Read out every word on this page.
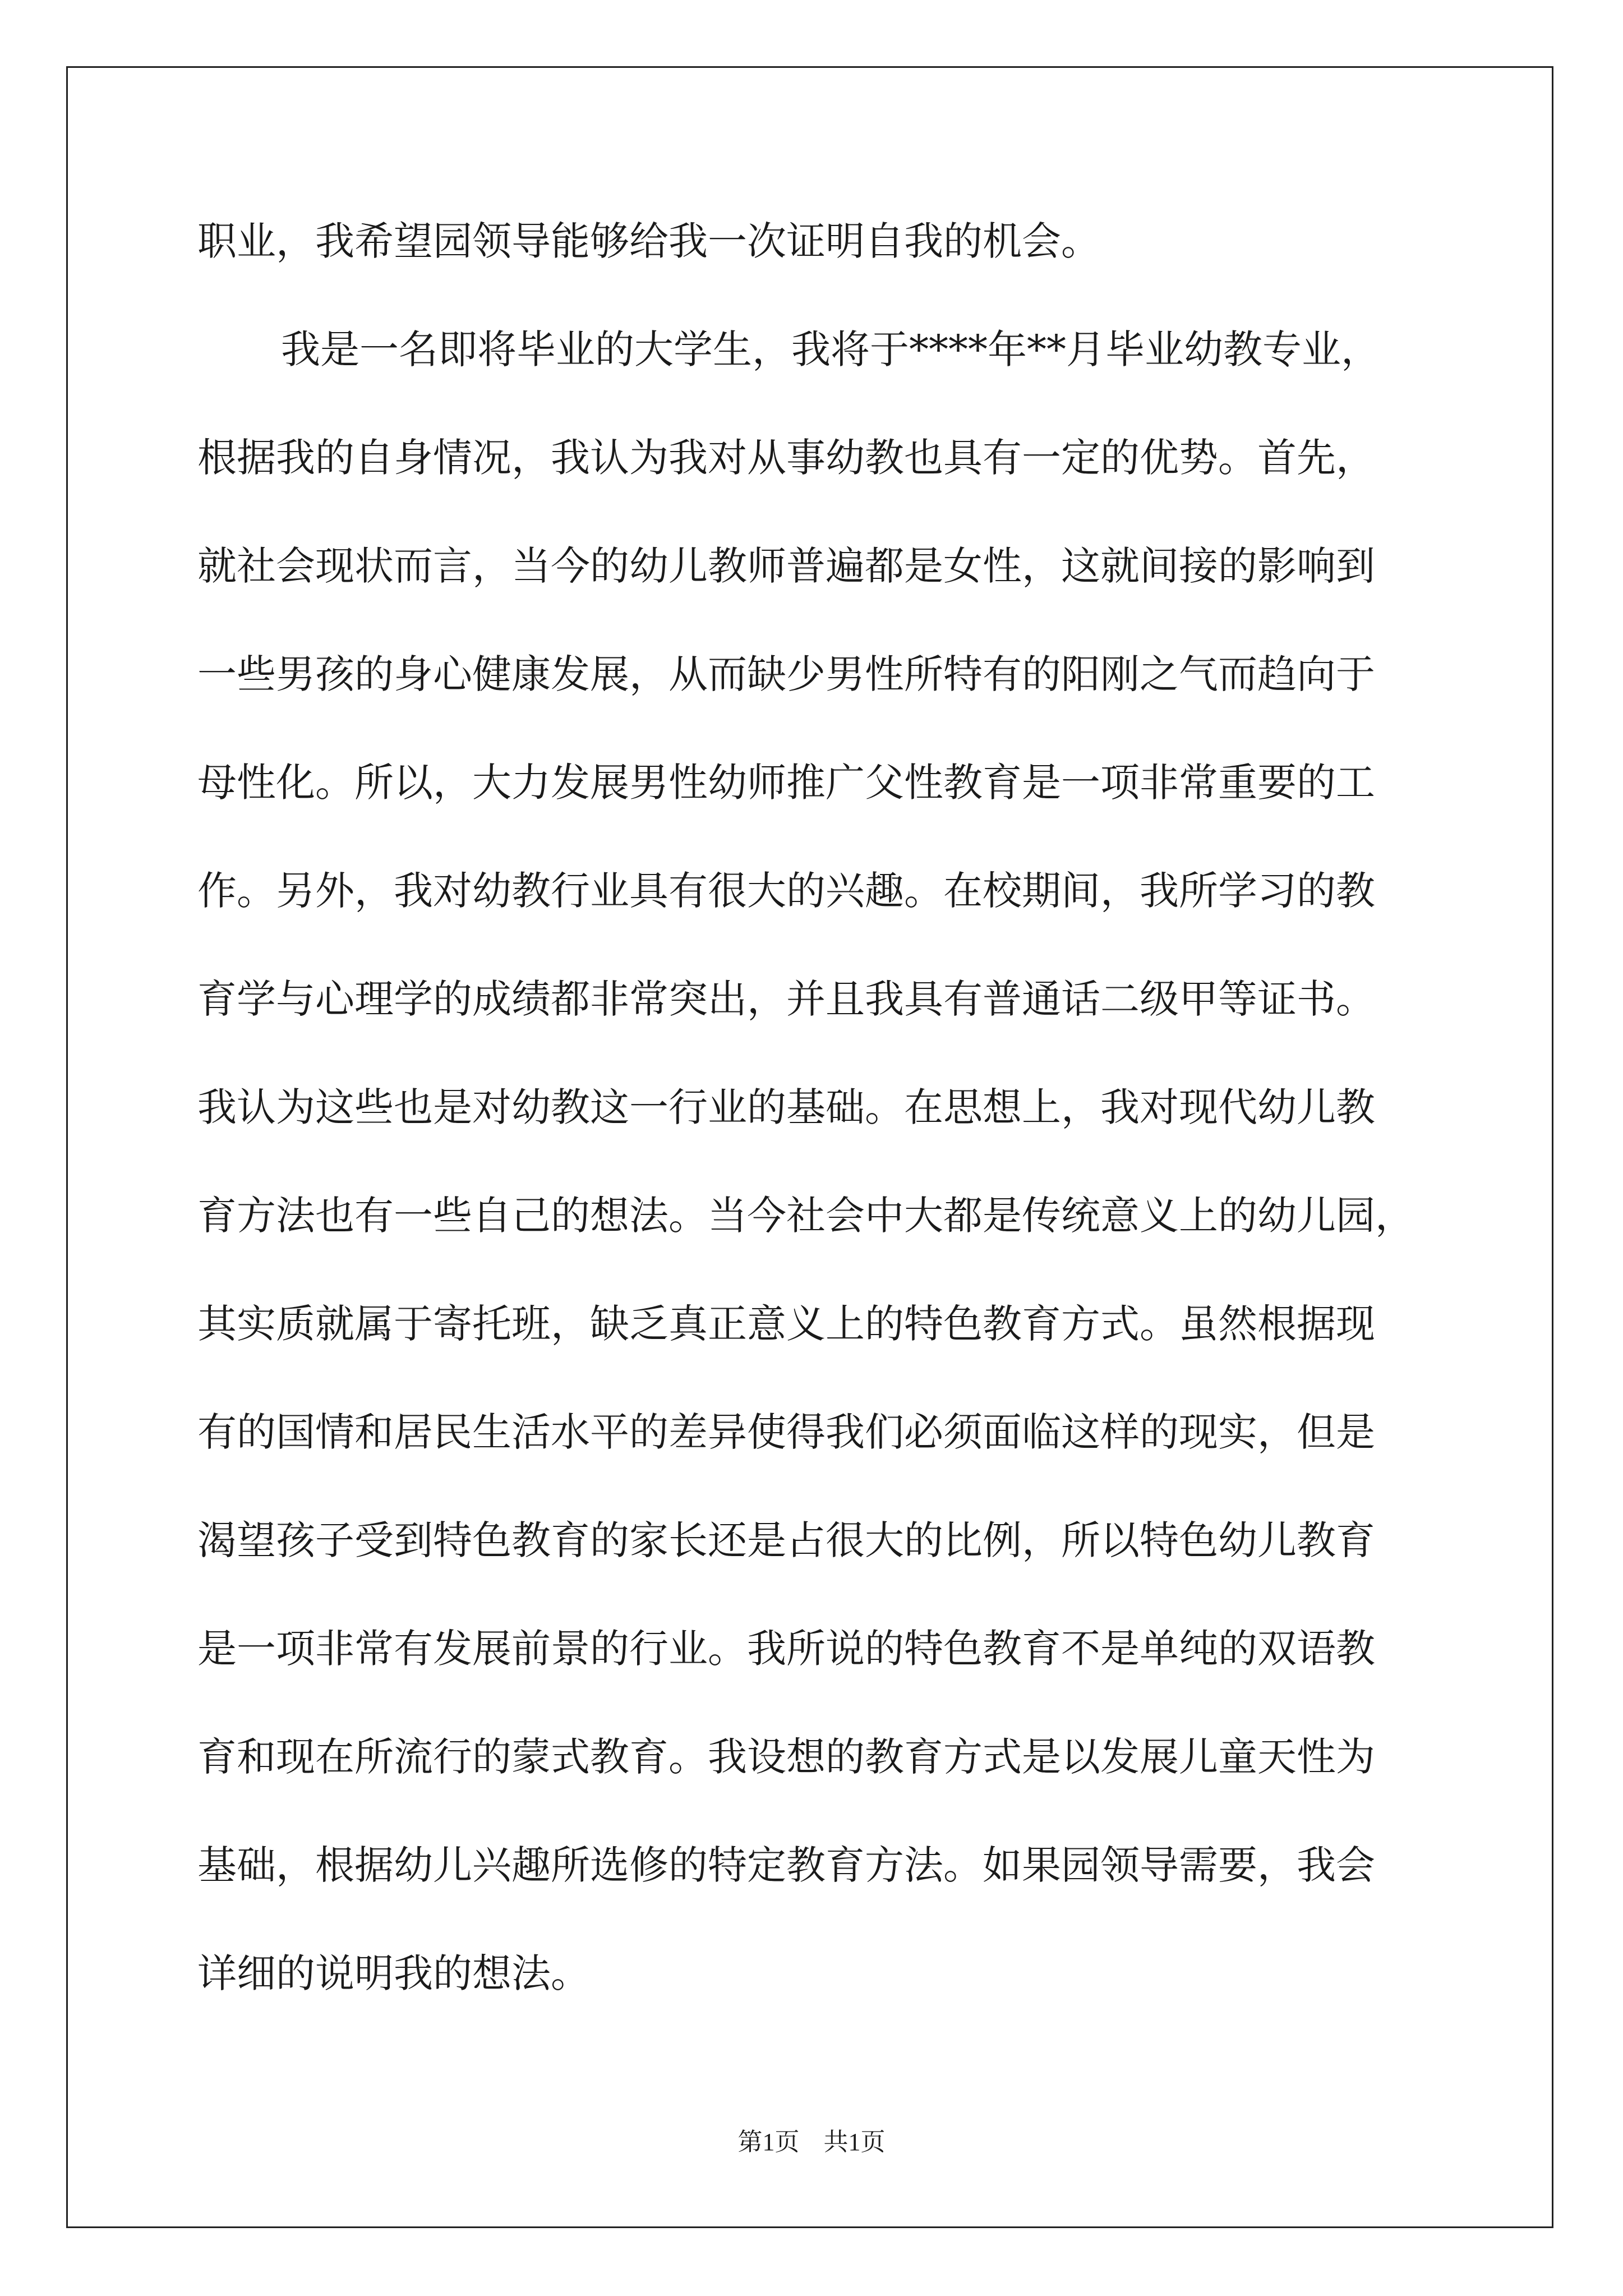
职业，我希望园领导能够给我一次证明自我的机会。
我是一名即将毕业的大学生，我将于****年**月毕业幼教专业，
根据我的自身情况，我认为我对从事幼教也具有一定的优势。首先，
就社会现状而言，当今的幼儿教师普遍都是女性，这就间接的影响到
一些男孩的身心健康发展，从而缺少男性所特有的阳刚之气而趋向于
母性化。所以，大力发展男性幼师推广父性教育是一项非常重要的工
作。另外，我对幼教行业具有很大的兴趣。在校期间，我所学习的教
育学与心理学的成绩都非常突出，并且我具有普通话二级甲等证书。
我认为这些也是对幼教这一行业的基础。在思想上，我对现代幼儿教
育方法也有一些自己的想法。当今社会中大都是传统意义上的幼儿园，
其实质就属于寄托班，缺乏真正意义上的特色教育方式。虽然根据现
有的国情和居民生活水平的差异使得我们必须面临这样的现实，但是
渴望孩子受到特色教育的家长还是占很大的比例，所以特色幼儿教育
是一项非常有发展前景的行业。我所说的特色教育不是单纯的双语教
育和现在所流行的蒙式教育。我设想的教育方式是以发展儿童天性为
基础，根据幼儿兴趣所选修的特定教育方法。如果园领导需要，我会
详细的说明我的想法。
第1页 共1页
